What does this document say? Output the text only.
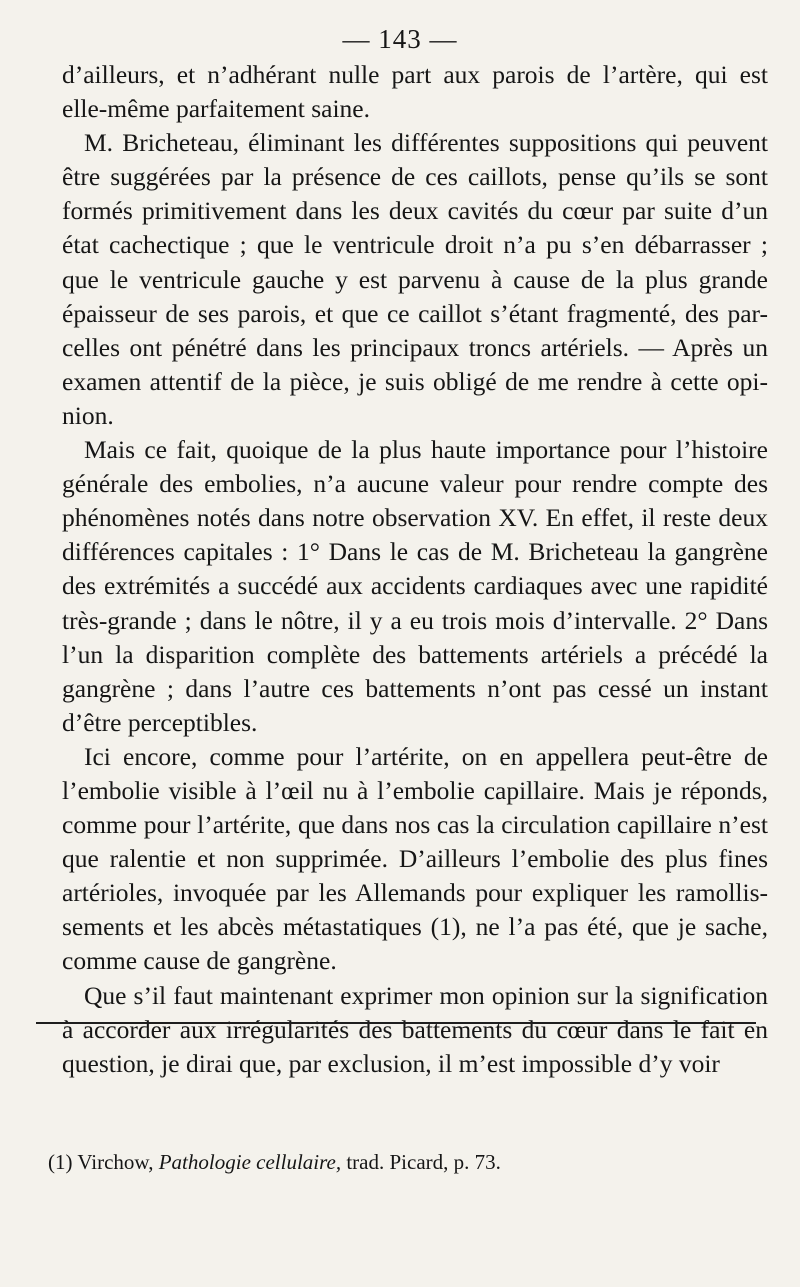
— 143 —
d’ailleurs, et n’adhérant nulle part aux parois de l’artère, qui est
elle-même parfaitement saine.
M. Bricheteau, éliminant les différentes suppositions qui peuvent
être suggérées par la présence de ces caillots, pense qu’ils se sont
formés primitivement dans les deux cavités du cœur par suite d’un
état cachectique ; que le ventricule droit n’a pu s’en débarrasser ;
que le ventricule gauche y est parvenu à cause de la plus grande
épaisseur de ses parois, et que ce caillot s’étant fragmenté, des par-
celles ont pénétré dans les principaux troncs artériels. — Après un
examen attentif de la pièce, je suis obligé de me rendre à cette opi-
nion.
Mais ce fait, quoique de la plus haute importance pour l’histoire
générale des embolies, n’a aucune valeur pour rendre compte des
phénomènes notés dans notre observation XV. En effet, il reste deux
différences capitales : 1° Dans le cas de M. Bricheteau la gangrène
des extrémités a succédé aux accidents cardiaques avec une rapidité
très-grande ; dans le nôtre, il y a eu trois mois d’intervalle. 2° Dans
l’un la disparition complète des battements artériels a précédé la
gangrène ; dans l’autre ces battements n’ont pas cessé un instant
d’être perceptibles.
Ici encore, comme pour l’artérite, on en appellera peut-être de
l’embolie visible à l’œil nu à l’embolie capillaire. Mais je réponds,
comme pour l’artérite, que dans nos cas la circulation capillaire n’est
que ralentie et non supprimée. D’ailleurs l’embolie des plus fines
artérioles, invoquée par les Allemands pour expliquer les ramollis-
sements et les abcès métastatiques (1), ne l’a pas été, que je sache,
comme cause de gangrène.
Que s’il faut maintenant exprimer mon opinion sur la signification
à accorder aux irrégularités des battements du cœur dans le fait en
question, je dirai que, par exclusion, il m’est impossible d’y voir
(1) Virchow, Pathologie cellulaire, trad. Picard, p. 73.
